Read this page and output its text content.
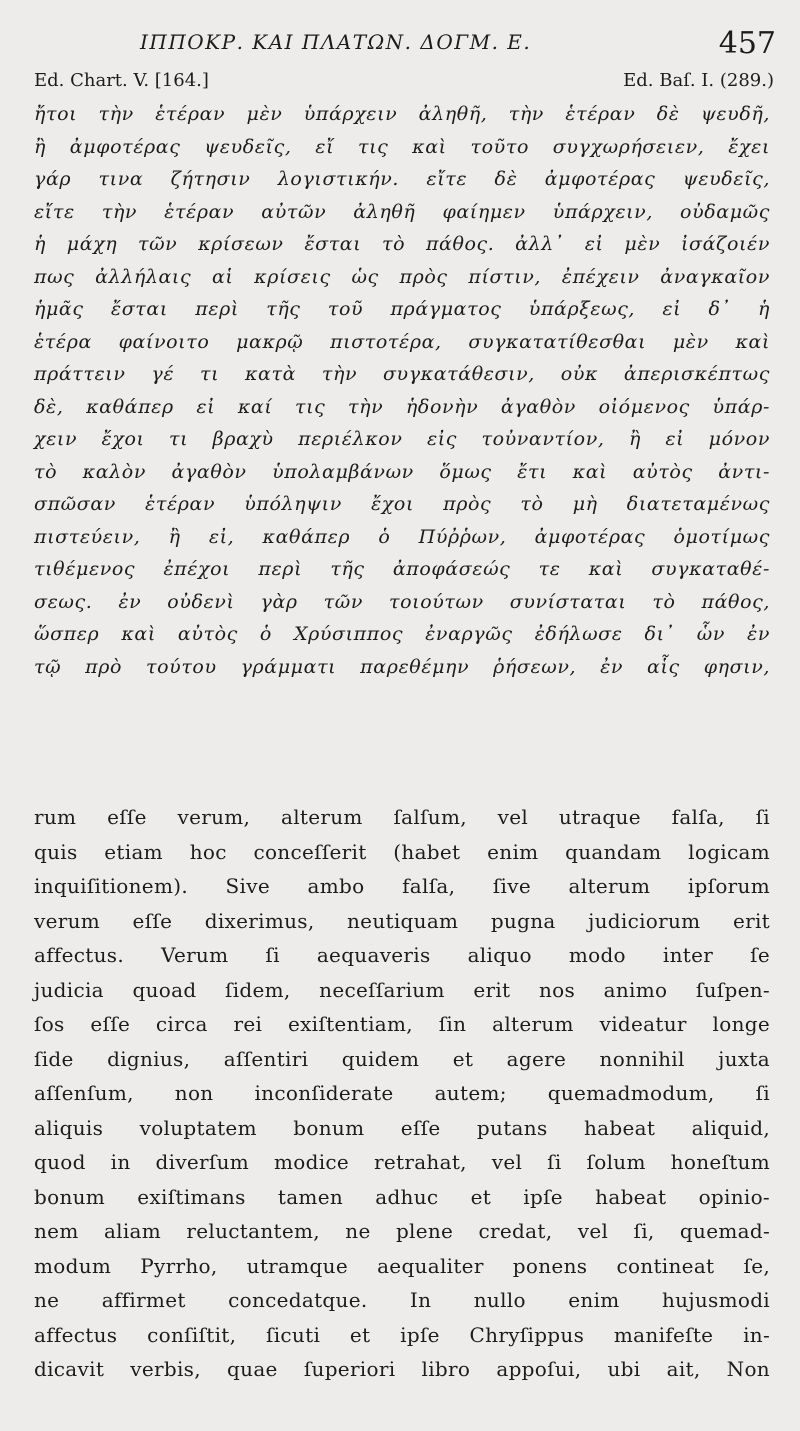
ΙΠΠΟΚΡ. ΚΑΙ ΠΛΑΤΩΝ. ΔΟΓΜ. Ε.	457
Ed. Chart. V. [164.]	Ed. Baſ. I. (289.)

ἤτοι τὴν ἑτέραν μὲν ὑπάρχειν ἀληθῆ, τὴν ἑτέραν δὲ ψευδῆ,
ἢ ἀμφοτέρας ψευδεῖς, εἴ τις καὶ τοῦτο συγχωρήσειεν, ἔχει
γάρ τινα ζήτησιν λογιστικήν. εἴτε δὲ ἀμφοτέρας ψευδεῖς,
εἴτε τὴν ἑτέραν αὐτῶν ἀληθῆ φαίημεν ὑπάρχειν, οὐδαμῶς
ἡ μάχη τῶν κρίσεων ἔσται τὸ πάθος. ἀλλ᾽ εἰ μὲν ἰσάζοιέν
πως ἀλλήλαις αἱ κρίσεις ὡς πρὸς πίστιν, ἐπέχειν ἀναγκαῖον
ἡμᾶς ἔσται περὶ τῆς τοῦ πράγματος ὑπάρξεως, εἰ δ᾽ ἡ
ἑτέρα φαίνοιτο μακρῷ πιστοτέρα, συγκατατίθεσθαι μὲν καὶ
πράττειν γέ τι κατὰ τὴν συγκατάθεσιν, οὐκ ἀπερισκέπτως
δὲ, καθάπερ εἰ καί τις τὴν ἡδονὴν ἀγαθὸν οἰόμενος ὑπάρ-
χειν ἔχοι τι βραχὺ περιέλκον εἰς τοὐναντίον, ἢ εἰ μόνον
τὸ καλὸν ἀγαθὸν ὑπολαμβάνων ὅμως ἔτι καὶ αὐτὸς ἀντι-
σπῶσαν ἑτέραν ὑπόληψιν ἔχοι πρὸς τὸ μὴ διατεταμένως
πιστεύειν, ἢ εἰ, καθάπερ ὁ Πύῤῥων, ἀμφοτέρας ὁμοτίμως
τιθέμενος ἐπέχοι περὶ τῆς ἀποφάσεώς τε καὶ συγκαταθέ-
σεως. ἐν οὐδενὶ γὰρ τῶν τοιούτων συνίσταται τὸ πάθος,
ὥσπερ καὶ αὐτὸς ὁ Χρύσιππος ἐναργῶς ἐδήλωσε δι᾽ ὧν ἐν
τῷ πρὸ τούτου γράμματι παρεθέμην ῥήσεων, ἐν αἷς φησιν,

rum eſſe verum, alterum ſalſum, vel utraque falſa, ſi
quis etiam hoc conceſſerit (habet enim quandam logicam
inquiſitionem). Sive ambo falſa, ſive alterum ipſorum
verum eſſe dixerimus, neutiquam pugna judiciorum erit
affectus. Verum ſi aequaveris aliquo modo inter ſe
judicia quoad ſidem, neceſſarium erit nos animo ſuſpen-
ſos eſſe circa rei exiſtentiam, ſin alterum videatur longe
ſide dignius, aſſentiri quidem et agere nonnihil juxta
aſſenſum, non inconſiderate autem; quemadmodum, ſi
aliquis voluptatem bonum eſſe putans habeat aliquid,
quod in diverſum modice retrahat, vel ſi ſolum honeſtum
bonum exiſtimans tamen adhuc et ipſe habeat opinio-
nem aliam reluctantem, ne plene credat, vel ſi, quemad-
modum Pyrrho, utramque aequaliter ponens contineat ſe,
ne affirmet concedatque. In nullo enim hujusmodi
affectus conſiſtit, ſicuti et ipſe Chryſippus manifeſte in-
dicavit verbis, quae ſuperiori libro appoſui, ubi ait, Non
